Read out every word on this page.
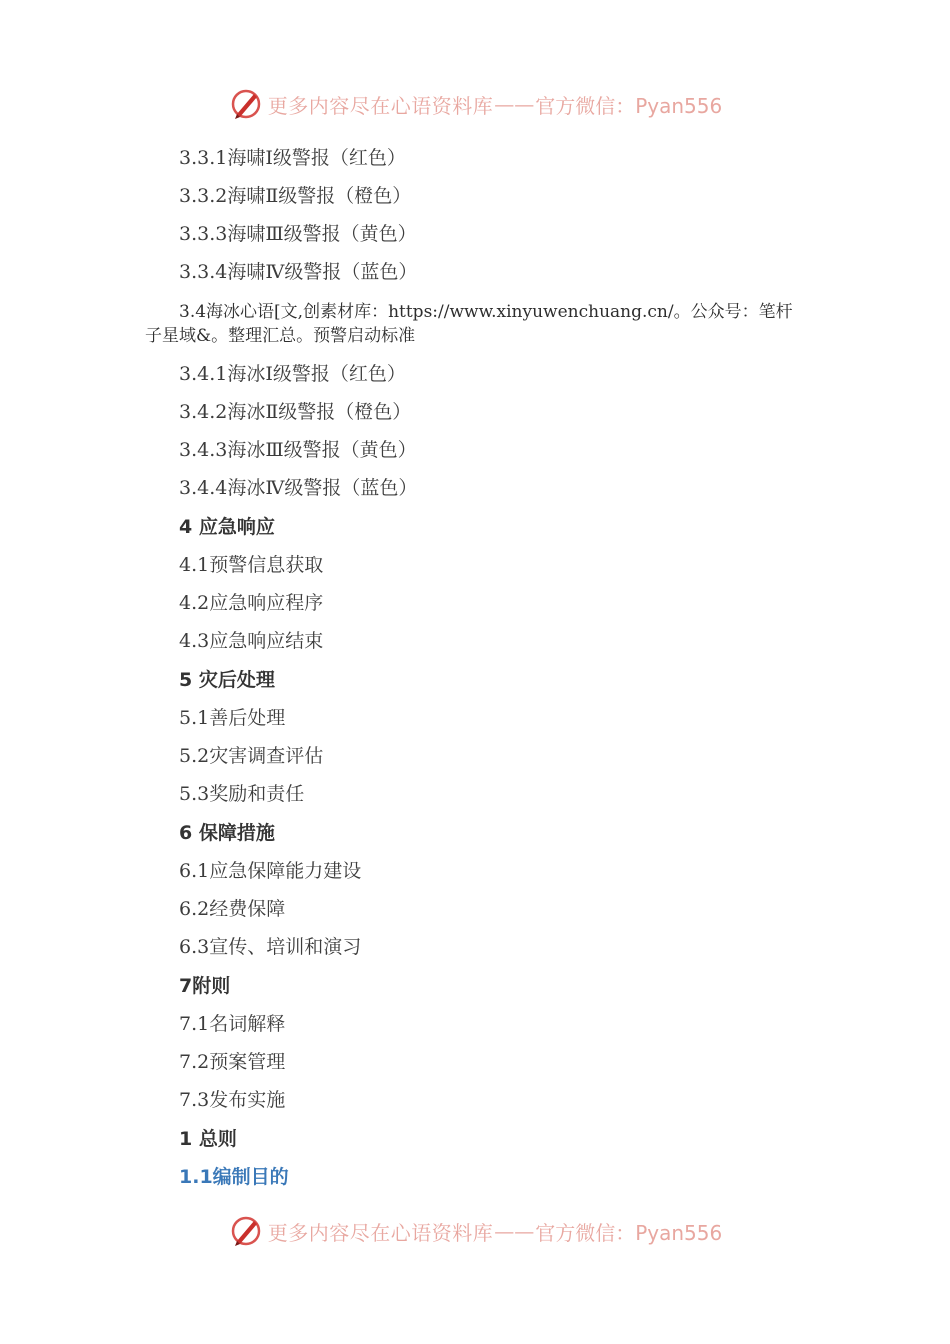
更多内容尽在心语资料库 —— 官方微信：Pyan556
3.3.1海啸Ⅰ级警报（红色）
3.3.2海啸Ⅱ级警报（橙色）
3.3.3海啸Ⅲ级警报（黄色）
3.3.4海啸Ⅳ级警报（蓝色）
3.4海冰心语[文,创素材库：https://www.xinyuwenchuang.cn/。公众号：笔杆子星域&。整理汇总。预警启动标准
3.4.1海冰Ⅰ级警报（红色）
3.4.2海冰Ⅱ级警报（橙色）
3.4.3海冰Ⅲ级警报（黄色）
3.4.4海冰Ⅳ级警报（蓝色）
4 应急响应
4.1预警信息获取
4.2应急响应程序
4.3应急响应结束
5 灾后处理
5.1善后处理
5.2灾害调查评估
5.3奖励和责任
6 保障措施
6.1应急保障能力建设
6.2经费保障
6.3宣传、培训和演习
7附则
7.1名词解释
7.2预案管理
7.3发布实施
1 总则
1.1编制目的
更多内容尽在心语资料库 —— 官方微信：Pyan556
